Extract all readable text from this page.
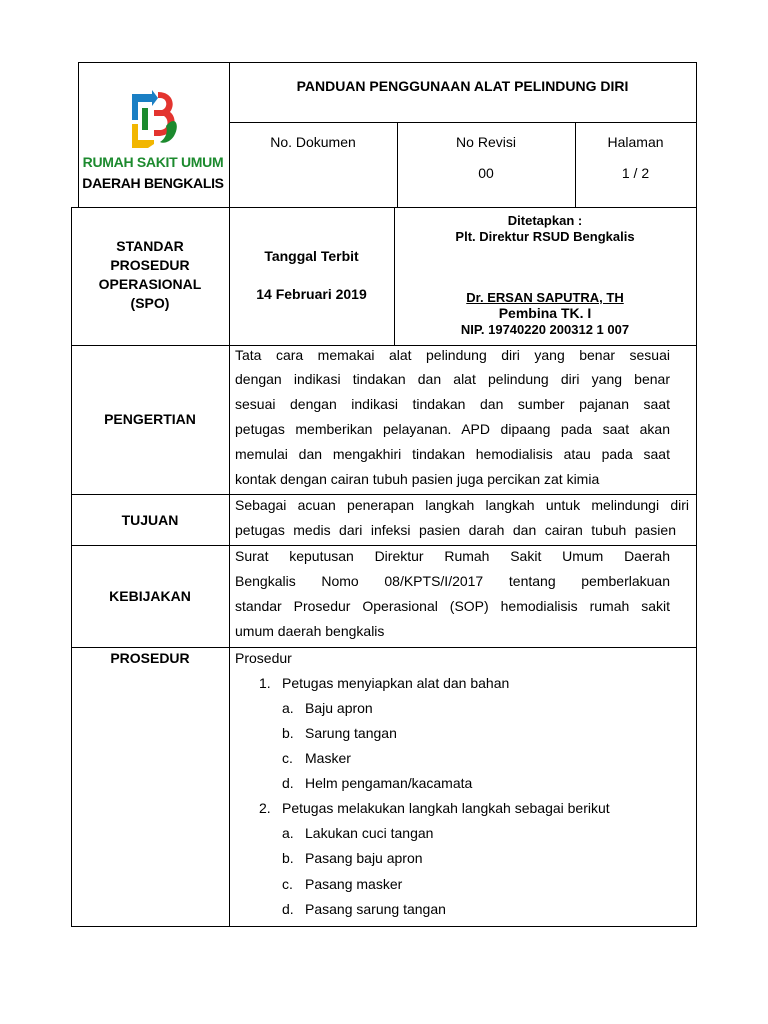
RUMAH SAKIT UMUM
DAERAH BENGKALIS
PANDUAN PENGGUNAAN ALAT PELINDUNG DIRI
No. Dokumen	No Revisi
00
Halaman
1 / 2
STANDAR
PROSEDUR
OPERASIONAL
(SPO)
Tanggal Terbit
14 Februari 2019
Ditetapkan :
Plt. Direktur RSUD Bengkalis
Dr. ERSAN SAPUTRA, TH
Pembina TK. I
NIP. 19740220 200312 1 007
PENGERTIAN
Tata cara memakai alat pelindung diri yang benar sesuai
dengan indikasi tindakan dan alat pelindung diri yang benar
sesuai dengan indikasi tindakan dan sumber pajanan saat
petugas memberikan pelayanan. APD dipaang pada saat akan
memulai dan mengakhiri tindakan hemodialisis atau pada saat
kontak dengan cairan tubuh pasien juga percikan zat kimia
TUJUAN
Sebagai acuan penerapan langkah langkah untuk melindungi diri
petugas medis dari infeksi pasien darah dan cairan tubuh pasien
KEBIJAKAN
Surat keputusan Direktur Rumah Sakit Umum Daerah
Bengkalis Nomo 08/KPTS/I/2017 tentang pemberlakuan
standar Prosedur Operasional (SOP) hemodialisis rumah sakit
umum daerah bengkalis
PROSEDUR	Prosedur
1. Petugas menyiapkan alat dan bahan
a. Baju apron
b. Sarung tangan
c. Masker
d. Helm pengaman/kacamata
2. Petugas melakukan langkah langkah sebagai berikut
a. Lakukan cuci tangan
b. Pasang baju apron
c. Pasang masker
d. Pasang sarung tangan
